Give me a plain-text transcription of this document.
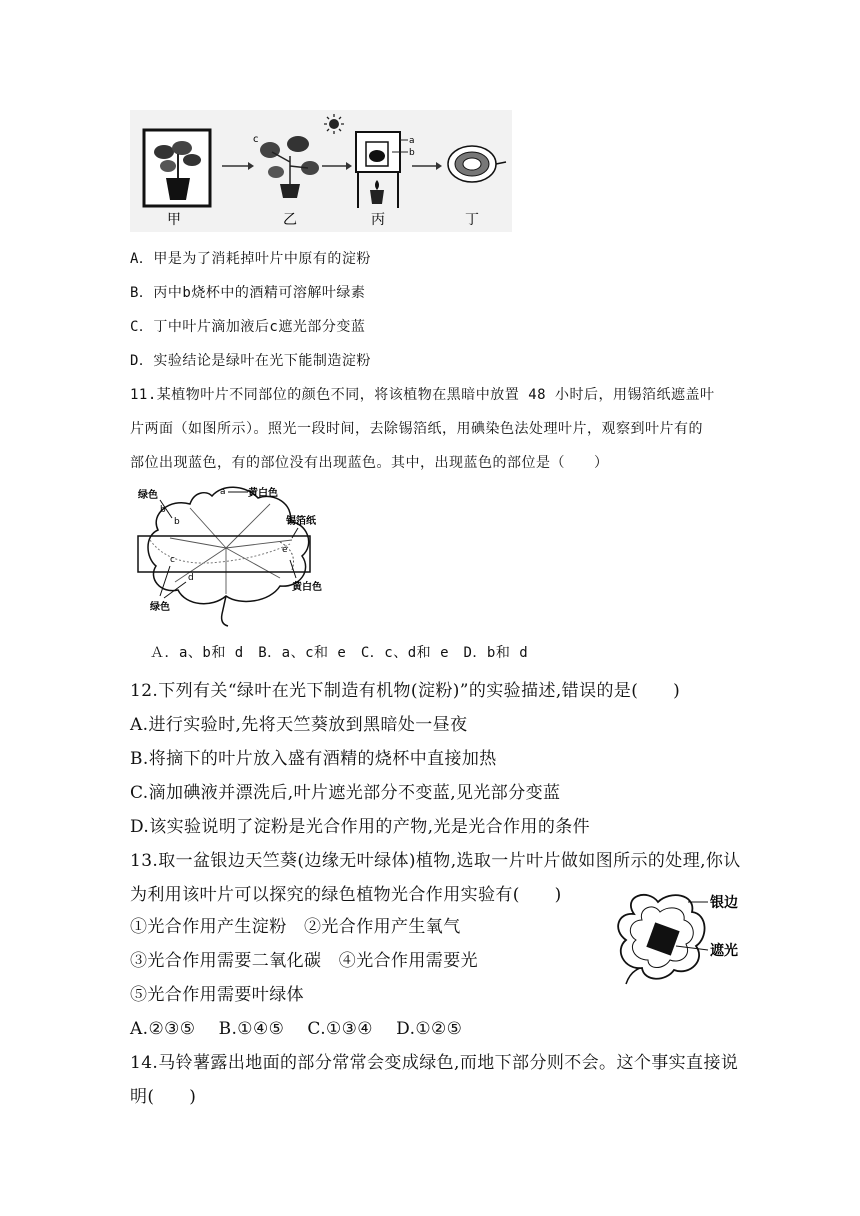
甲
c
乙
a
b
丙	丁
A．甲是为了消耗掉叶片中原有的淀粉
B．丙中b烧杯中的酒精可溶解叶绿素
C．丁中叶片滴加液后c遮光部分变蓝
D．实验结论是绿叶在光下能制造淀粉
11.某植物叶片不同部位的颜色不同，将该植物在黑暗中放置 48 小时后，用锡箔纸遮盖叶
片两面（如图所示）。照光一段时间，去除锡箔纸，用碘染色法处理叶片，观察到叶片有的
部位出现蓝色，有的部位没有出现蓝色。其中，出现蓝色的部位是（　　）
绿色
b
b
a 黄白色
锡箔纸
e
黄白色
c
d
绿色
Ａ．a、b和 d　B．a、c和 e　C．c、d和 e　D．b和 d
12.下列有关“绿叶在光下制造有机物(淀粉)”的实验描述,错误的是(　　)
A.进行实验时,先将天竺葵放到黑暗处一昼夜
B.将摘下的叶片放入盛有酒精的烧杯中直接加热
C.滴加碘液并漂洗后,叶片遮光部分不变蓝,见光部分变蓝
D.该实验说明了淀粉是光合作用的产物,光是光合作用的条件
13.取一盆银边天竺葵(边缘无叶绿体)植物,选取一片叶片做如图所示的处理,你认
为利用该叶片可以探究的绿色植物光合作用实验有(　　)
①光合作用产生淀粉　②光合作用产生氧气
③光合作用需要二氧化碳　④光合作用需要光
⑤光合作用需要叶绿体
A.②③⑤　 B.①④⑤　 C.①③④　 D.①②⑤
银边
遮光
14.马铃薯露出地面的部分常常会变成绿色,而地下部分则不会。这个事实直接说
明(　　)
